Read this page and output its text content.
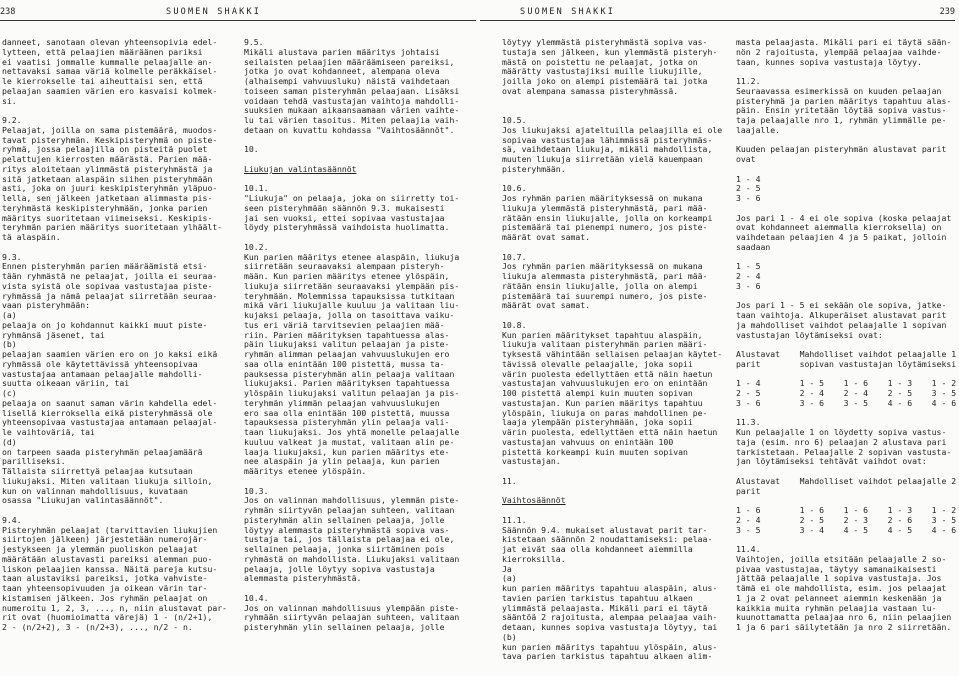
238	SUOMEN SHAKKI
danneet, sanotaan olevan yhteensopivia edel-
lytteen, että pelaajien määräänen pariksi
ei vaatisi jommalle kummalle pelaajalle an-
nettavaksi samaa väriä kolmelle peräkkäisel-
le kierrokselle tai aiheuttaisi sen, että
pelaajan saamien värien ero kasvaisi kolmek-
si.
9.2.
Pelaajat, joilla on sama pistemäärä, muodos-
tavat pisteryhmän. Keskipisteryhmä on piste-
ryhmä, jossa pelaajilla on pisteitä puolet
pelattujen kierrosten määrästä. Parien mää-
ritys aloitetaan ylimmästä pisteryhmästä ja
sitä jatketaan alaspäin siihen pisteryhmään
asti, joka on juuri keskipisteryhmän yläpuo-
lella, sen jälkeen jatketaan alimmasta pis-
teryhmästä keskipisteryhmään, jonka parien
määritys suoritetaan viimeiseksi. Keskipis-
teryhmän parien määritys suoritetaan ylhäält-
tä alaspäin.
9.3.
Ennen pisteryhmän parien määräämistä etsi-
tään ryhmästä ne pelaajat, joilla ei seuraa-
vista syistä ole sopivaa vastustajaa piste-
ryhmässä ja nämä pelaajat siirretään seuraa-
vaan pisteryhmään:
(a)
pelaaja on jo kohdannut kaikki muut piste-
ryhmänsä jäsenet, tai
(b)
pelaajan saamien värien ero on jo kaksi eikä
ryhmässä ole käytettävissä yhteensopivaa
vastustajaa antamaan pelaajalle mahdolli-
suutta oikeaan väriin, tai
(c)
pelaaja on saanut saman värin kahdella edel-
lisellä kierroksella eikä pisteryhmässä ole
yhteensopivaa vastustajaa antamaan pelaajal-
le vaihtoväriä, tai
(d)
on tarpeen saada pisteryhmän pelaajamäärä
parilliseksi.
Tällaista siirrettyä pelaajaa kutsutaan
liukujaksi. Miten valitaan liukuja silloin,
kun on valinnan mahdollisuus, kuvataan
osassa "Liukujan valintasäännöt".
9.4.
Pisteryhmän pelaajat (tarvittavien liukujien
siirtojen jälkeen) järjestetään numerojär-
jestykseen ja ylemmän puoliskon pelaajat
määrätään alustavasti pareiksi alemman puo-
liskon pelaajien kanssa. Näitä pareja kutsu-
taan alustaviksi pareiksi, jotka vahviste-
taan yhteensopivuuden ja oikean värin tar-
kistamisen jälkeen. Jos ryhmän pelaajat on
numeroitu 1, 2, 3, ..., n, niin alustavat par-
rit ovat (huomioimatta värejä) 1 - (n/2+1),
2 - (n/2+2), 3 - (n/2+3), ..., n/2 - n.
9.5.
Mikäli alustava parien määritys johtaisi
seilaisten pelaajien määräämiseen pareiksi,
jotka jo ovat kohdanneet, alempana oleva
(alhaisempi vahvuusluku) näistä vaihdetaan
toiseen saman pisteryhmän pelaajaan. Lisäksi
voidaan tehdä vastustajan vaihtoja mahdolli-
suuksien mukaan aikaansaamaan värien vaihte-
lu tai värien tasoitus. Miten pelaajia vaih-
detaan on kuvattu kohdassa "Vaihtosäännöt".
10.
Liukujan valintasäännöt
10.1.
"Liukuja" on pelaaja, joka on siirretty toi-
seen pisteryhmään säännön 9.3. mukaisesti
jai sen vuoksi, ettei sopivaa vastustajaa
löydy pisteryhmässä vaihdoista huolimatta.
10.2.
Kun parien määritys etenee alaspäin, liukuja
siirretään seuraavaksi alempaan pisteryh-
mään. Kun parien määritys etenee ylöspäin,
liukuja siirretään seuraavaksi ylempään pis-
teryhmään. Molemmissa tapauksissa tutkitaan
mikä väri liukujalle kuuluu ja valitaan liu-
kujaksi pelaaja, jolla on tasoittava vaiku-
tus eri väriä tarvitsevien pelaajien mää-
riin. Parien määrityksen tapahtuessa alas-
päin liukujaksi valitun pelaajan ja piste-
ryhmän alimman pelaajan vahvuuslukujen ero
saa olla enintään 100 pistettä, mussa ta-
pauksessa pisteryhmän alin pelaaja valitaan
liukujaksi. Parien määrityksen tapahtuessa
ylöspäin liukujaksi valitun pelaajan ja pis-
teryhmän ylimmän pelaajan vahvuuslukujen
ero saa olla enintään 100 pistettä, muussa
tapauksessa pisteryhmän ylin pelaaja vali-
taan liukujaksi. Jos yhtä monelle pelaajalle
kuuluu valkeat ja mustat, valitaan alin pe-
laaja liukujaksi, kun parien määritys ete-
nee alaspäin ja ylin pelaaja, kun parien
määritys etenee ylöspäin.
10.3.
Jos on valinnan mahdollisuus, ylemmän piste-
ryhmän siirtyvän pelaajan suhteen, valitaan
pisteryhmän alin sellainen pelaaja, jolle
löytyy alemmasta pisteryhmästä sopiva vas-
tustaja tai, jos tällaista pelaajaa ei ole,
sellainen pelaaja, jonka siirtäminen pois
ryhmästä on mahdollista. Liukujaksi valitaan
pelaaja, jolle löytyy sopiva vastustaja
alemmasta pisteryhmästä.
10.4.
Jos on valinnan mahdollisuus ylempään piste-
ryhmään siirtyvän pelaajan suhteen, valitaan
pisteryhmän ylin sellainen pelaaja, jolle
SUOMEN SHAKKI	239
löytyy ylemmästä pisteryhmästä sopiva vas-
tustaja sen jälkeen, kun ylemmästä pisteryh-
mästä on poistettu ne pelaajat, jotka on
määrätty vastustajiksi muille liukujille,
joilla joko on alempi pistemäärä tai jotka
ovat alempana samassa pisteryhmässä.
10.5.
Jos liukujaksi ajateltuilla pelaajilla ei ole
sopivaa vastustajaa lähimmässä pisteryhmäs-
sä, vaihdetaan liukuja, mikäli mahdollista,
muuten liukuja siirretään vielä kauempaan
pisteryhmään.
10.6.
Jos ryhmän parien määrityksessä on mukana
liukuja ylemmästä pisteryhmästä, pari mää-
rätään ensin liukujalle, jolla on korkeampi
pistemäärä tai pienempi numero, jos piste-
määrät ovat samat.
10.7.
Jos ryhmän parien määrityksessä on mukana
liukuja alemmasta pisteryhmästä, pari mää-
rätään ensin liukujalle, jolla on alempi
pistemäärä tai suurempi numero, jos piste-
määrät ovat samat.
10.8.
Kun parien määritykset tapahtuu alaspäin,
liukuja valitaan pisteryhmän parien määri-
tyksestä vähintään sellaisen pelaajan käytet-
tävissä olevalle pelaajalle, joka sopii
värin puolesta edellyttäen että näin haetun
vastustajan vahvuuslukujen ero on enintään
100 pistettä alempi kuin muuten sopivan
vastustajan. Kun parien määritys tapahtuu
ylöspäin, liukuja on paras mahdollinen pe-
laaja ylempään pisteryhmään, joka sopii
värin puolesta, edellyttäen että näin haetun
vastustajan vahvuus on enintään 100
pistettä korkeampi kuin muuten sopivan
vastustajan.
11.
Vaihtosäännöt
11.1.
Säännön 9.4. mukaiset alustavat parit tar-
kistetaan säännön 2 noudattamiseksi: pelaa-
jat eivät saa olla kohdanneet aiemmilla
kierroksilla.
Ja
(a)
kun parien määritys tapahtuu alaspäin, alus-
tavien parien tarkistus tapahtuu alkaen
ylimmästä pelaajasta. Mikäli pari ei täytä
sääntöä 2 rajoitusta, alempaa pelaajaa vaih-
detaan, kunnes sopiva vastustaja löytyy, tai
(b)
kun parien määritys tapahtuu ylöspäin, alus-
tava parien tarkistus tapahtuu alkaen alim-
masta pelaajasta. Mikäli pari ei täytä sään-
nön 2 rajoitusta, ylempää pelaajaa vaihde-
taan, kunnes sopiva vastustaja löytyy.
11.2.
Seuraavassa esimerkissä on kuuden pelaajan
pisteryhmä ja parien määritys tapahtuu alas-
päin. Ensin yritetään löytää sopiva vastus-
taja pelaajalle nro 1, ryhmän ylimmälle pe-
laajalle.
Kuuden pelaajan pisteryhmän alustavat parit
ovat
1 - 4
2 - 5
3 - 6
Jos pari 1 - 4 ei ole sopiva (koska pelaajat
ovat kohdanneet aiemmalla kierroksella) on
vaihdetaan pelaajien 4 ja 5 paikat, jolloin
saadaan
1 - 5
2 - 4
3 - 6
Jos pari 1 - 5 ei sekään ole sopiva, jatke-
taan vaihtoja. Alkuperäiset alustavat parit
ja mahdolliset vaihdot pelaajalle 1 sopivan
vastustajan löytämiseksi ovat:
Alustavat    Mahdolliset vaihdot pelaajalle 1
parit        sopivan vastustajan löytämiseksi
1 - 4        1 - 5    1 - 6    1 - 3    1 - 2
2 - 5        2 - 4    2 - 4    2 - 5    3 - 5
3 - 6        3 - 6    3 - 5    4 - 6    4 - 6
11.3.
Kun pelaajalle 1 on löydetty sopiva vastus-
taja (esim. nro 6) pelaajan 2 alustava pari
tarkistetaan. Pelaajalle 2 sopivan vastusta-
jan löytämiseksi tehtävät vaihdot ovat:
Alustavat    Mahdolliset vaihdot pelaajalle 2
parit
1 - 6        1 - 6    1 - 6    1 - 3    1 - 2
2 - 4        2 - 5    2 - 3    2 - 6    3 - 5
3 - 5        3 - 4    4 - 5    4 - 5    4 - 6
11.4.
Vaihtojen, joilla etsitään pelaajalle 2 so-
pivaa vastustajaa, täytyy samanaikaisesti
jättää pelaajalle 1 sopiva vastustaja. Jos
tämä ei ole mahdollista, esim. jos pelaajat
1 ja 2 ovat pelanneet aiemmin keskenään ja
kaikkia muita ryhmän pelaajia vastaan lu-
kuunottamatta pelaajaa nro 6, niin pelaajien
1 ja 6 pari säilytetään ja nro 2 siirretään.
